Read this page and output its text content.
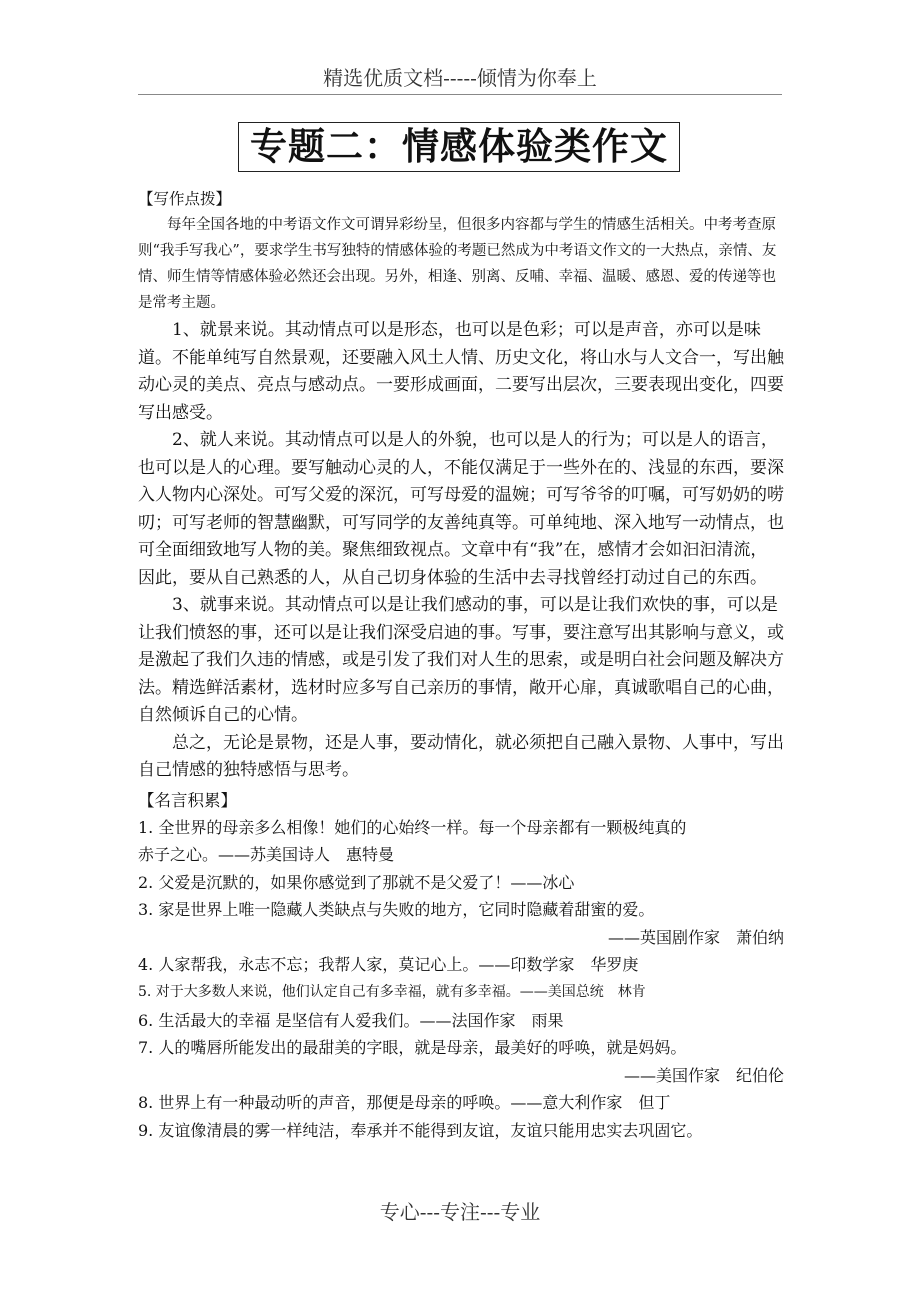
精选优质文档-----倾情为你奉上
专题二：情感体验类作文
【写作点拨】

每年全国各地的中考语文作文可谓异彩纷呈，但很多内容都与学生的情感生活相关。中考考查原则“我手写我心”，要求学生书写独特的情感体验的考题已然成为中考语文作文的一大热点，亲情、友情、师生情等情感体验必然还会出现。另外，相逢、别离、反哺、幸福、温暖、感恩、爱的传递等也是常考主题。

1、就景来说。其动情点可以是形态，也可以是色彩；可以是声音，亦可以是味道。不能单纯写自然景观，还要融入风土人情、历史文化，将山水与人文合一，写出触动心灵的美点、亮点与感动点。一要形成画面，二要写出层次，三要表现出变化，四要写出感受。

2、就人来说。其动情点可以是人的外貌，也可以是人的行为；可以是人的语言，也可以是人的心理。要写触动心灵的人，不能仅满足于一些外在的、浅显的东西，要深入人物内心深处。可写父爱的深沉，可写母爱的温婉；可写爷爷的叮嘱，可写奶奶的唠叨；可写老师的智慧幽默，可写同学的友善纯真等。可单纯地、深入地写一动情点，也可全面细致地写人物的美。聚焦细致视点。文章中有“我”在，感情才会如汩汩清流，因此，要从自己熟悉的人，从自己切身体验的生活中去寻找曾经打动过自己的东西。

3、就事来说。其动情点可以是让我们感动的事，可以是让我们欢快的事，可以是让我们愤怒的事，还可以是让我们深受启迪的事。写事，要注意写出其影响与意义，或是激起了我们久违的情感，或是引发了我们对人生的思索，或是明白社会问题及解决方法。精选鲜活素材，选材时应多写自己亲历的事情，敞开心扉，真诚歌唱自己的心曲，自然倾诉自己的心情。

总之，无论是景物，还是人事，要动情化，就必须把自己融入景物、人事中，写出自己情感的独特感悟与思考。

【名言积累】
1. 全世界的母亲多么相像！她们的心始终一样。每一个母亲都有一颗极纯真的
赤子之心。——苏美国诗人　惠特曼
2. 父爱是沉默的，如果你感觉到了那就不是父爱了！——冰心
3. 家是世界上唯一隐藏人类缺点与失败的地方，它同时隐藏着甜蜜的爱。
——英国剧作家　萧伯纳
4. 人家帮我，永志不忘；我帮人家，莫记心上。——印数学家　华罗庚
5. 对于大多数人来说，他们认定自己有多幸福，就有多幸福。——美国总统　林肯
6. 生活最大的幸福 是坚信有人爱我们。——法国作家　雨果
7. 人的嘴唇所能发出的最甜美的字眼，就是母亲，最美好的呼唤，就是妈妈。
——美国作家　纪伯伦
8. 世界上有一种最动听的声音，那便是母亲的呼唤。——意大利作家　但丁
9. 友谊像清晨的雾一样纯洁，奉承并不能得到友谊，友谊只能用忠实去巩固它。
专心---专注---专业
